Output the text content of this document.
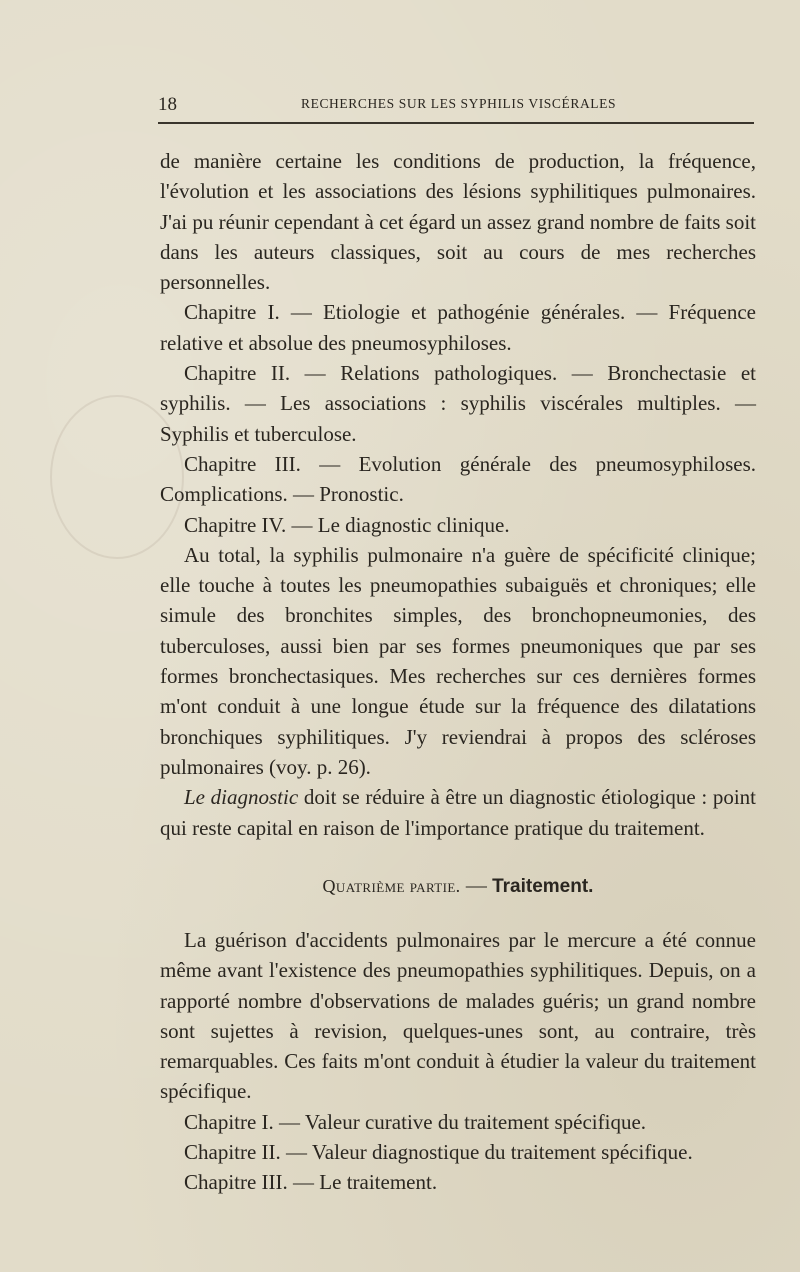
18	RECHERCHES SUR LES SYPHILIS VISCÉRALES

de manière certaine les conditions de production, la fréquence, l'évolution et les associations des lésions syphilitiques pulmonaires. J'ai pu réunir cependant à cet égard un assez grand nombre de faits soit dans les auteurs classiques, soit au cours de mes recherches personnelles.

Chapitre I. — Etiologie et pathogénie générales. — Fréquence relative et absolue des pneumosyphiloses.

Chapitre II. — Relations pathologiques. — Bronchectasie et syphilis. — Les associations : syphilis viscérales multiples. — Syphilis et tuberculose.

Chapitre III. — Evolution générale des pneumosyphiloses. Complications. — Pronostic.

Chapitre IV. — Le diagnostic clinique.

Au total, la syphilis pulmonaire n'a guère de spécificité clinique; elle touche à toutes les pneumopathies subaiguës et chroniques; elle simule des bronchites simples, des bronchopneumonies, des tuberculoses, aussi bien par ses formes pneumoniques que par ses formes bronchectasiques. Mes recherches sur ces dernières formes m'ont conduit à une longue étude sur la fréquence des dilatations bronchiques syphilitiques. J'y reviendrai à propos des scléroses pulmonaires (voy. p. 26).

Le diagnostic doit se réduire à être un diagnostic étiologique : point qui reste capital en raison de l'importance pratique du traitement.

Quatrième partie. — Traitement.

La guérison d'accidents pulmonaires par le mercure a été connue même avant l'existence des pneumopathies syphilitiques. Depuis, on a rapporté nombre d'observations de malades guéris; un grand nombre sont sujettes à revision, quelques-unes sont, au contraire, très remarquables. Ces faits m'ont conduit à étudier la valeur du traitement spécifique.

Chapitre I. — Valeur curative du traitement spécifique.

Chapitre II. — Valeur diagnostique du traitement spécifique.

Chapitre III. — Le traitement.
